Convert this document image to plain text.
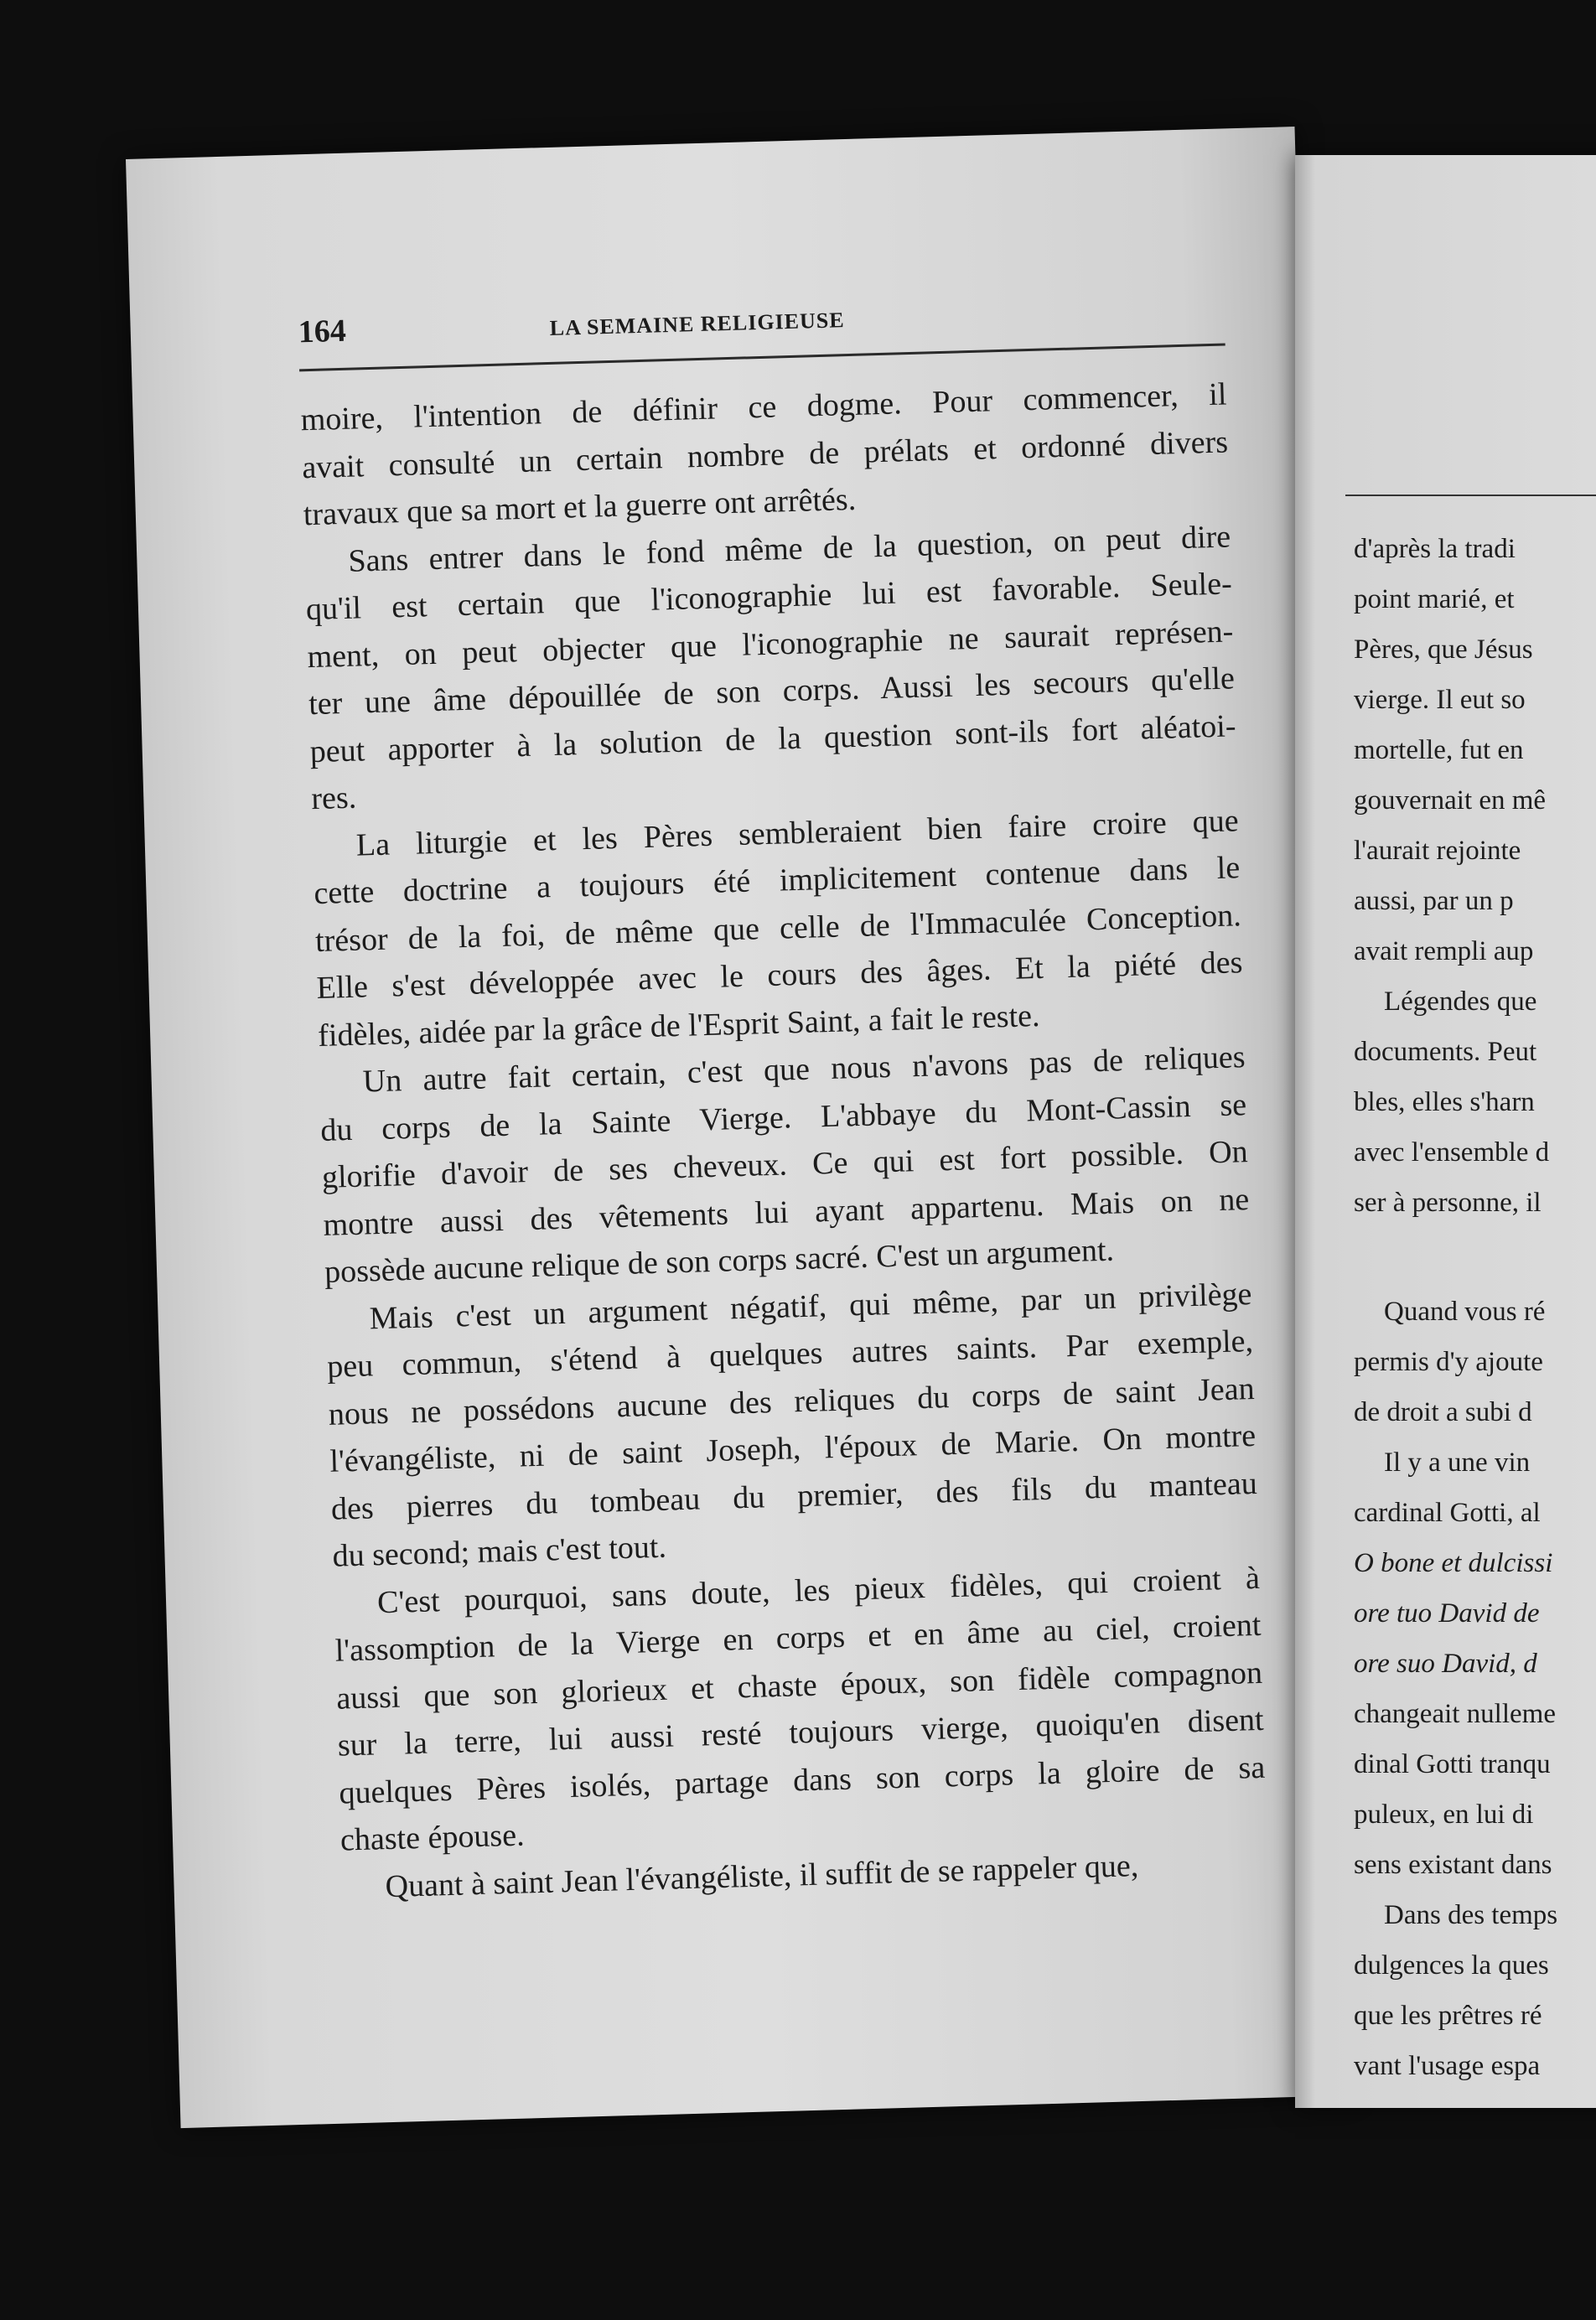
164	LA SEMAINE RELIGIEUSE
moire, l'intention de définir ce dogme. Pour commencer, il
avait consulté un certain nombre de prélats et ordonné divers
travaux que sa mort et la guerre ont arrêtés.
Sans entrer dans le fond même de la question, on peut dire
qu'il est certain que l'iconographie lui est favorable. Seule-
ment, on peut objecter que l'iconographie ne saurait représen-
ter une âme dépouillée de son corps. Aussi les secours qu'elle
peut apporter à la solution de la question sont-ils fort aléatoi-
res.
La liturgie et les Pères sembleraient bien faire croire que
cette doctrine a toujours été implicitement contenue dans le
trésor de la foi, de même que celle de l'Immaculée Conception.
Elle s'est développée avec le cours des âges. Et la piété des
fidèles, aidée par la grâce de l'Esprit Saint, a fait le reste.
Un autre fait certain, c'est que nous n'avons pas de reliques
du corps de la Sainte Vierge. L'abbaye du Mont-Cassin se
glorifie d'avoir de ses cheveux. Ce qui est fort possible. On
montre aussi des vêtements lui ayant appartenu. Mais on ne
possède aucune relique de son corps sacré. C'est un argument.
Mais c'est un argument négatif, qui même, par un privilège
peu commun, s'étend à quelques autres saints. Par exemple,
nous ne possédons aucune des reliques du corps de saint Jean
l'évangéliste, ni de saint Joseph, l'époux de Marie. On montre
des pierres du tombeau du premier, des fils du manteau
du second; mais c'est tout.
C'est pourquoi, sans doute, les pieux fidèles, qui croient à
l'assomption de la Vierge en corps et en âme au ciel, croient
aussi que son glorieux et chaste époux, son fidèle compagnon
sur la terre, lui aussi resté toujours vierge, quoiqu'en disent
quelques Pères isolés, partage dans son corps la gloire de sa
chaste épouse.
Quant à saint Jean l'évangéliste, il suffit de se rappeler que,
d'après la tradi
point marié, et
Pères, que Jésus
vierge. Il eut so
mortelle, fut en
gouvernait en mê
l'aurait rejointe
aussi, par un p
avait rempli aup
Légendes que
documents. Peut
bles, elles s'harn
avec l'ensemble d
ser à personne, il
Quand vous ré
permis d'y ajoute
de droit a subi d
Il y a une vin
cardinal Gotti, al
O bone et dulcissi
ore tuo David de
ore suo David, d
changeait nulleme
dinal Gotti tranqu
puleux, en lui di
sens existant dans
Dans des temps
dulgences la ques
que les prêtres ré
vant l'usage espa
